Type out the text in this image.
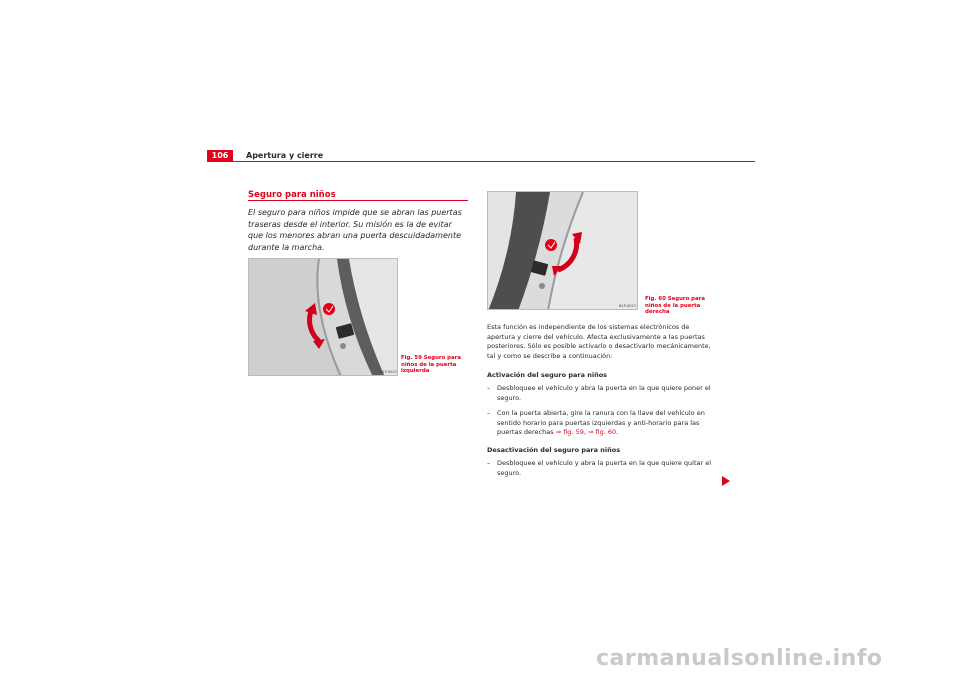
106	Apertura y cierre
Seguro para niños

El seguro para niños impide que se abran las puertas traseras desde el interior. Su misión es la de evitar que los menores abran una puerta descuidadamente durante la marcha.

B1P-0022
Fig. 59 Seguro para niños de la puerta izquierda
B1P-0023
Fig. 60 Seguro para niños de la puerta derecha

Esta función es independiente de los sistemas electrónicos de apertura y cierre del vehículo. Afecta exclusivamente a las puertas posteriores. Sólo es posible activarlo o desactivarlo mecánicamente, tal y como se describe a continuación:

Activación del seguro para niños
– Desbloquee el vehículo y abra la puerta en la que quiere poner el seguro.
– Con la puerta abierta, gire la ranura con la llave del vehículo en sentido horario para puertas izquierdas y anti-horario para las puertas derechas ⇒ fig. 59, ⇒ fig. 60.
Desactivación del seguro para niños
– Desbloquee el vehículo y abra la puerta en la que quiere quitar el seguro.
carmanualsonline.info
